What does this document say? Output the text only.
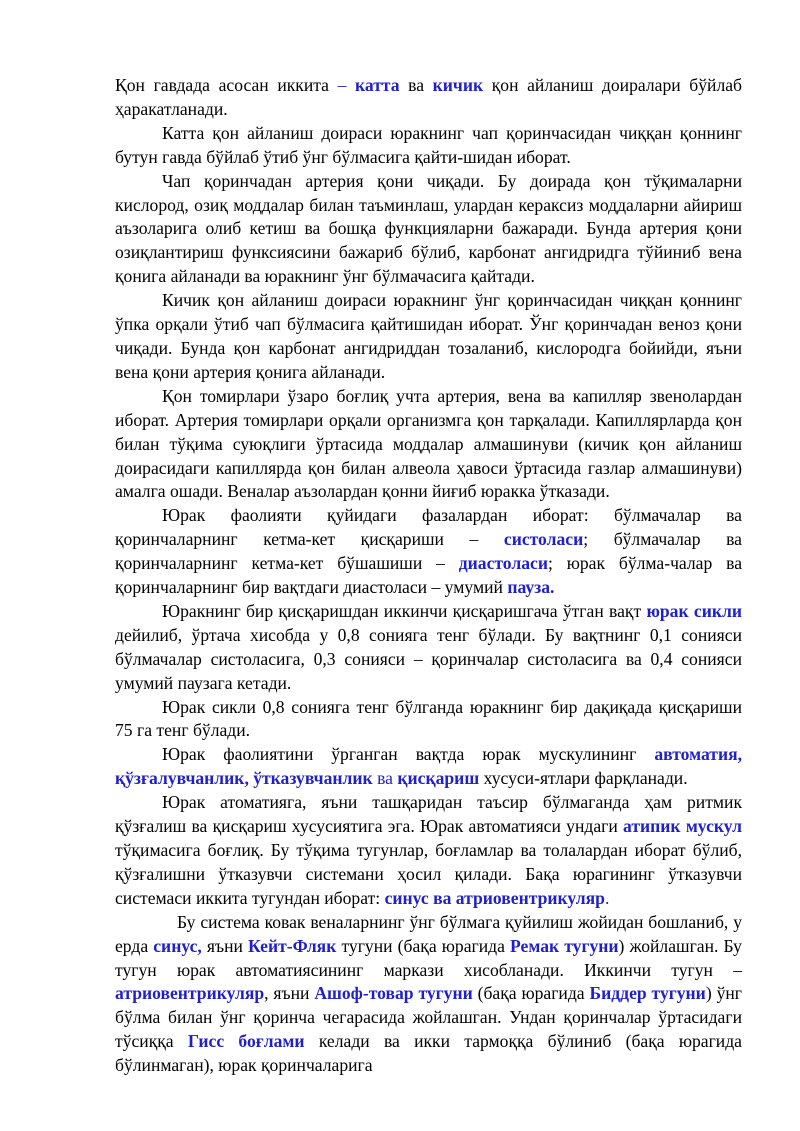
Қон гавдада асосан иккита – катта ва кичик қон айланиш доиралари бўйлаб ҳаракатланади.

Катта қон айланиш доираси юракнинг чап қоринчасидан чиққан қоннинг бутун гавда бўйлаб ўтиб ўнг бўлмасига қайти-шидан иборат.

Чап қоринчадан артерия қони чиқади. Бу доирада қон тўқималарни кислород, озиқ моддалар билан таъминлаш, улардан кераксиз моддаларни айириш аъзоларига олиб кетиш ва бошқа функцияларни бажаради. Бунда артерия қони озиқлантириш функсиясини бажариб бўлиб, карбонат ангидридга тўйиниб вена қонига айланади ва юракнинг ўнг бўлмачасига қайтади.

Кичик қон айланиш доираси юракнинг ўнг қоринчасидан чиққан қоннинг ўпка орқали ўтиб чап бўлмасига қайтишидан иборат. Ўнг қоринчадан веноз қони чиқади. Бунда қон карбонат ангидриддан тозаланиб, кислородга бойийди, яъни вена қони артерия қонига айланади.

Қон томирлари ўзаро боғлиқ учта артерия, вена ва капилляр звенолардан иборат. Артерия томирлари орқали организмга қон тарқалади. Капиллярларда қон билан тўқима суюқлиги ўртасида моддалар алмашинуви (кичик қон айланиш доирасидаги капиллярда қон билан алвеола ҳавоси ўртасида газлар алмашинуви) амалга ошади. Веналар аъзолардан қонни йиғиб юракка ўтказади.

Юрак фаолияти қуйидаги фазалардан иборат: бўлмачалар ва қоринчаларнинг кетма-кет қисқариши – систоласи; бўлмачалар ва қоринчаларнинг кетма-кет бўшашиши – диастоласи; юрак бўлма-чалар ва қоринчаларнинг бир вақтдаги диастоласи – умумий пауза.

Юракнинг бир қисқаришдан иккинчи қисқаришгача ўтган вақт юрак сикли дейилиб, ўртача хисобда у 0,8 сонияга тенг бўлади. Бу вақтнинг 0,1 сонияси бўлмачалар систоласига, 0,3 сонияси – қоринчалар систоласига ва 0,4 сонияси умумий паузага кетади.

Юрак сикли 0,8 сонияга тенг бўлганда юракнинг бир дақиқада қисқариши 75 га тенг бўлади.

Юрак фаолиятини ўрганган вақтда юрак мускулининг автоматия, қўзғалувчанлик, ўтказувчанлик ва қисқариш хусуси-ятлари фарқланади.

Юрак атоматияга, яъни ташқаридан таъсир бўлмаганда ҳам ритмик қўзғалиш ва қисқариш хусусиятига эга. Юрак автоматияси ундаги атипик мускул тўқимасига боғлиқ. Бу тўқима тугунлар, боғламлар ва толалардан иборат бўлиб, қўзғалишни ўтказувчи системани ҳосил қилади. Бақа юрагининг ўтказувчи системаси иккита тугундан иборат: синус ва атриовентрикуляр.

Бу система ковак веналарнинг ўнг бўлмага қуйилиш жойидан бошланиб, у ерда синус, яъни Кейт-Фляк тугуни (бақа юрагида Ремак тугуни) жойлашган. Бу тугун юрак автоматиясининг маркази хисобланади. Иккинчи тугун – атриовентрикуляр, яъни Ашоф-товар тугуни (бақа юрагида Биддер тугуни) ўнг бўлма билан ўнг қоринча чегарасида жойлашган. Ундан қоринчалар ўртасидаги тўсиққа Гисс боғлами келади ва икки тармоққа бўлиниб (бақа юрагида бўлинмаган), юрак қоринчаларига
